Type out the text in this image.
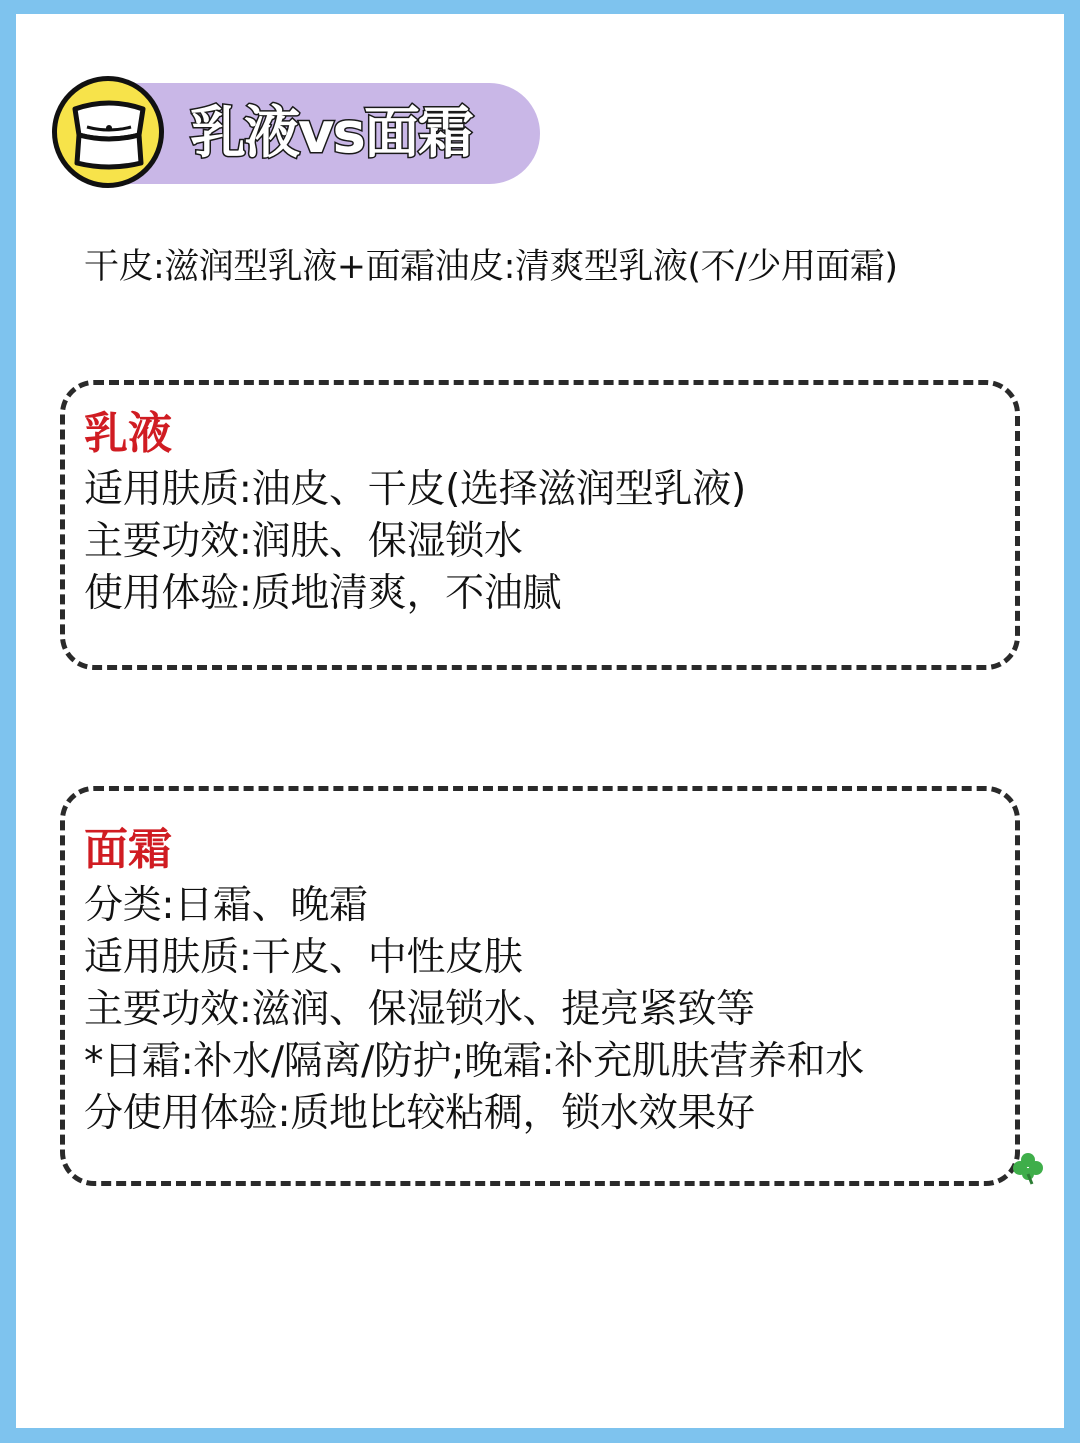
乳液vs面霜
干皮:滋润型乳液+面霜油皮:清爽型乳液(不/少用面霜)
乳液
适用肤质:油皮、干皮(选择滋润型乳液)
主要功效:润肤、保湿锁水
使用体验:质地清爽，不油腻
面霜
分类:日霜、晚霜
适用肤质:干皮、中性皮肤
主要功效:滋润、保湿锁水、提亮紧致等
*日霜:补水/隔离/防护;晚霜:补充肌肤营养和水
分使用体验:质地比较粘稠，锁水效果好
